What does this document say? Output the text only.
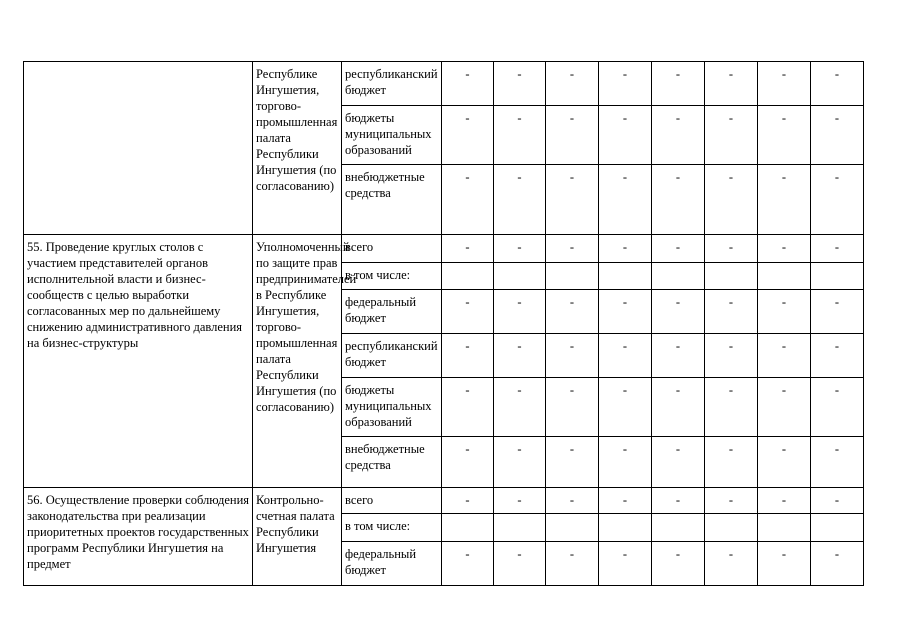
	Республике Ингушетия, торгово-промышленная палата Республики Ингушетия (по согласованию)	республиканский бюджет	-	-	-	-	-	-	-	-
		бюджеты муниципальных образований	-	-	-	-	-	-	-	-
		внебюджетные средства	-	-	-	-	-	-	-	-
55. Проведение круглых столов с участием представителей органов исполнительной власти и бизнес-сообществ с целью выработки согласованных мер по дальнейшему снижению административного давления на бизнес-структуры	Уполномоченный по защите прав предпринимателей в Республике Ингушетия, торгово-промышленная палата Республики Ингушетия (по согласованию)	всего	-	-	-	-	-	-	-	-
		в том числе:								
		федеральный бюджет	-	-	-	-	-	-	-	-
		республиканский бюджет	-	-	-	-	-	-	-	-
		бюджеты муниципальных образований	-	-	-	-	-	-	-	-
		внебюджетные средства	-	-	-	-	-	-	-	-
56. Осуществление проверки соблюдения законодательства при реализации приоритетных проектов государственных программ Республики Ингушетия на предмет	Контрольно-счетная палата Республики Ингушетия	всего	-	-	-	-	-	-	-	-
		в том числе:								
		федеральный бюджет	-	-	-	-	-	-	-	-
